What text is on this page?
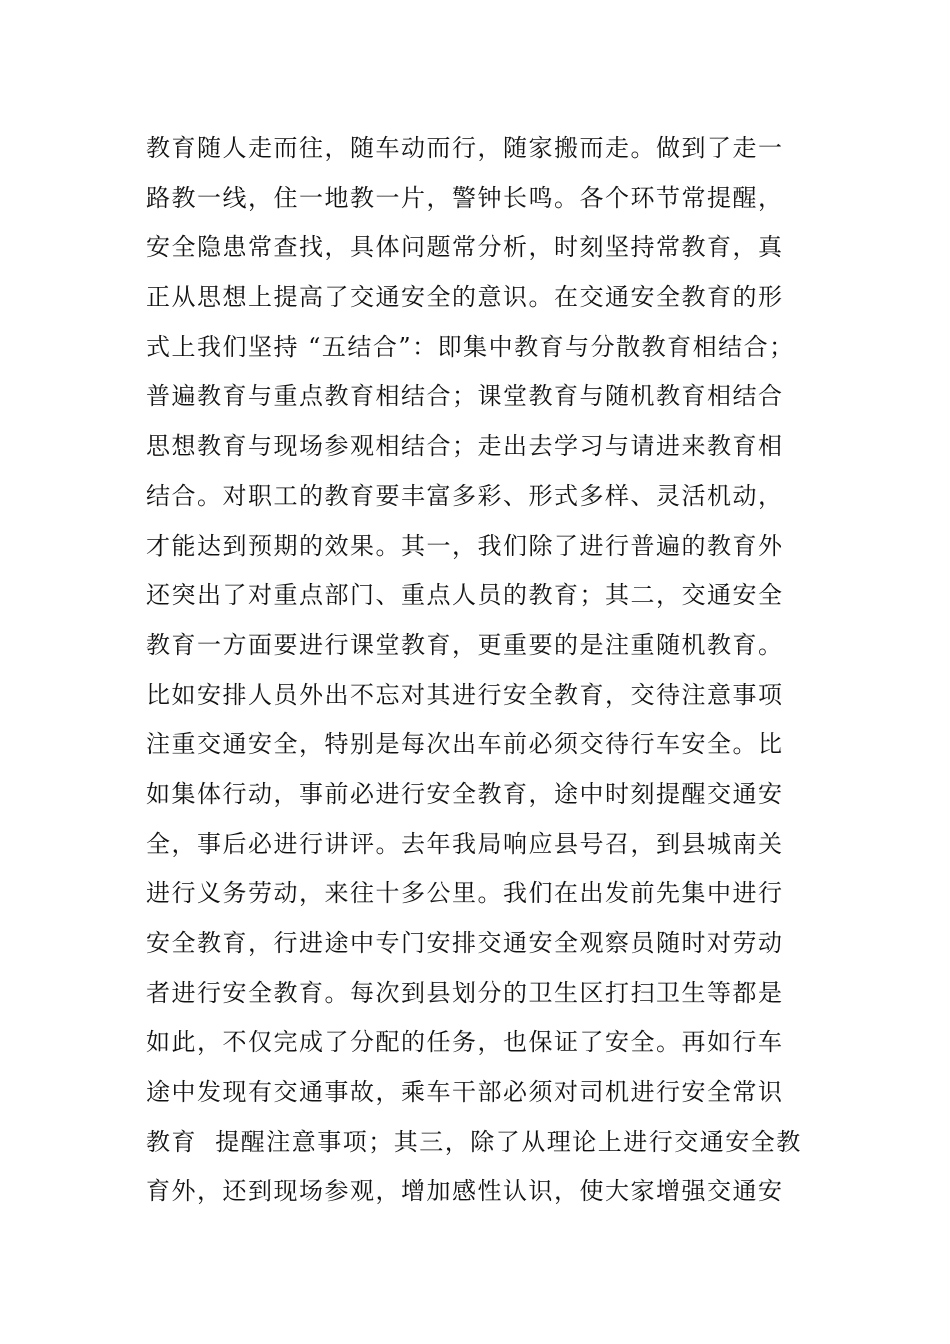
教育随人走而往，随车动而行，随家搬而走。做到了走一
路教一线，住一地教一片，警钟长鸣。各个环节常提醒，
安全隐患常查找，具体问题常分析，时刻坚持常教育，真
正从思想上提高了交通安全的意识。在交通安全教育的形
式上我们坚持 “五结合”：即集中教育与分散教育相结合；
普遍教育与重点教育相结合；课堂教育与随机教育相结合
思想教育与现场参观相结合；走出去学习与请进来教育相
结合。对职工的教育要丰富多彩、形式多样、灵活机动，
才能达到预期的效果。其一，我们除了进行普遍的教育外
还突出了对重点部门、重点人员的教育；其二，交通安全
教育一方面要进行课堂教育，更重要的是注重随机教育。
比如安排人员外出不忘对其进行安全教育，交待注意事项
注重交通安全，特别是每次出车前必须交待行车安全。比
如集体行动，事前必进行安全教育，途中时刻提醒交通安
全，事后必进行讲评。去年我局响应县号召，到县城南关
进行义务劳动，来往十多公里。我们在出发前先集中进行
安全教育，行进途中专门安排交通安全观察员随时对劳动
者进行安全教育。每次到县划分的卫生区打扫卫生等都是
如此，不仅完成了分配的任务，也保证了安全。再如行车
途中发现有交通事故，乘车干部必须对司机进行安全常识
教育  提醒注意事项；其三，除了从理论上进行交通安全教
育外，还到现场参观，增加感性认识，使大家增强交通安
